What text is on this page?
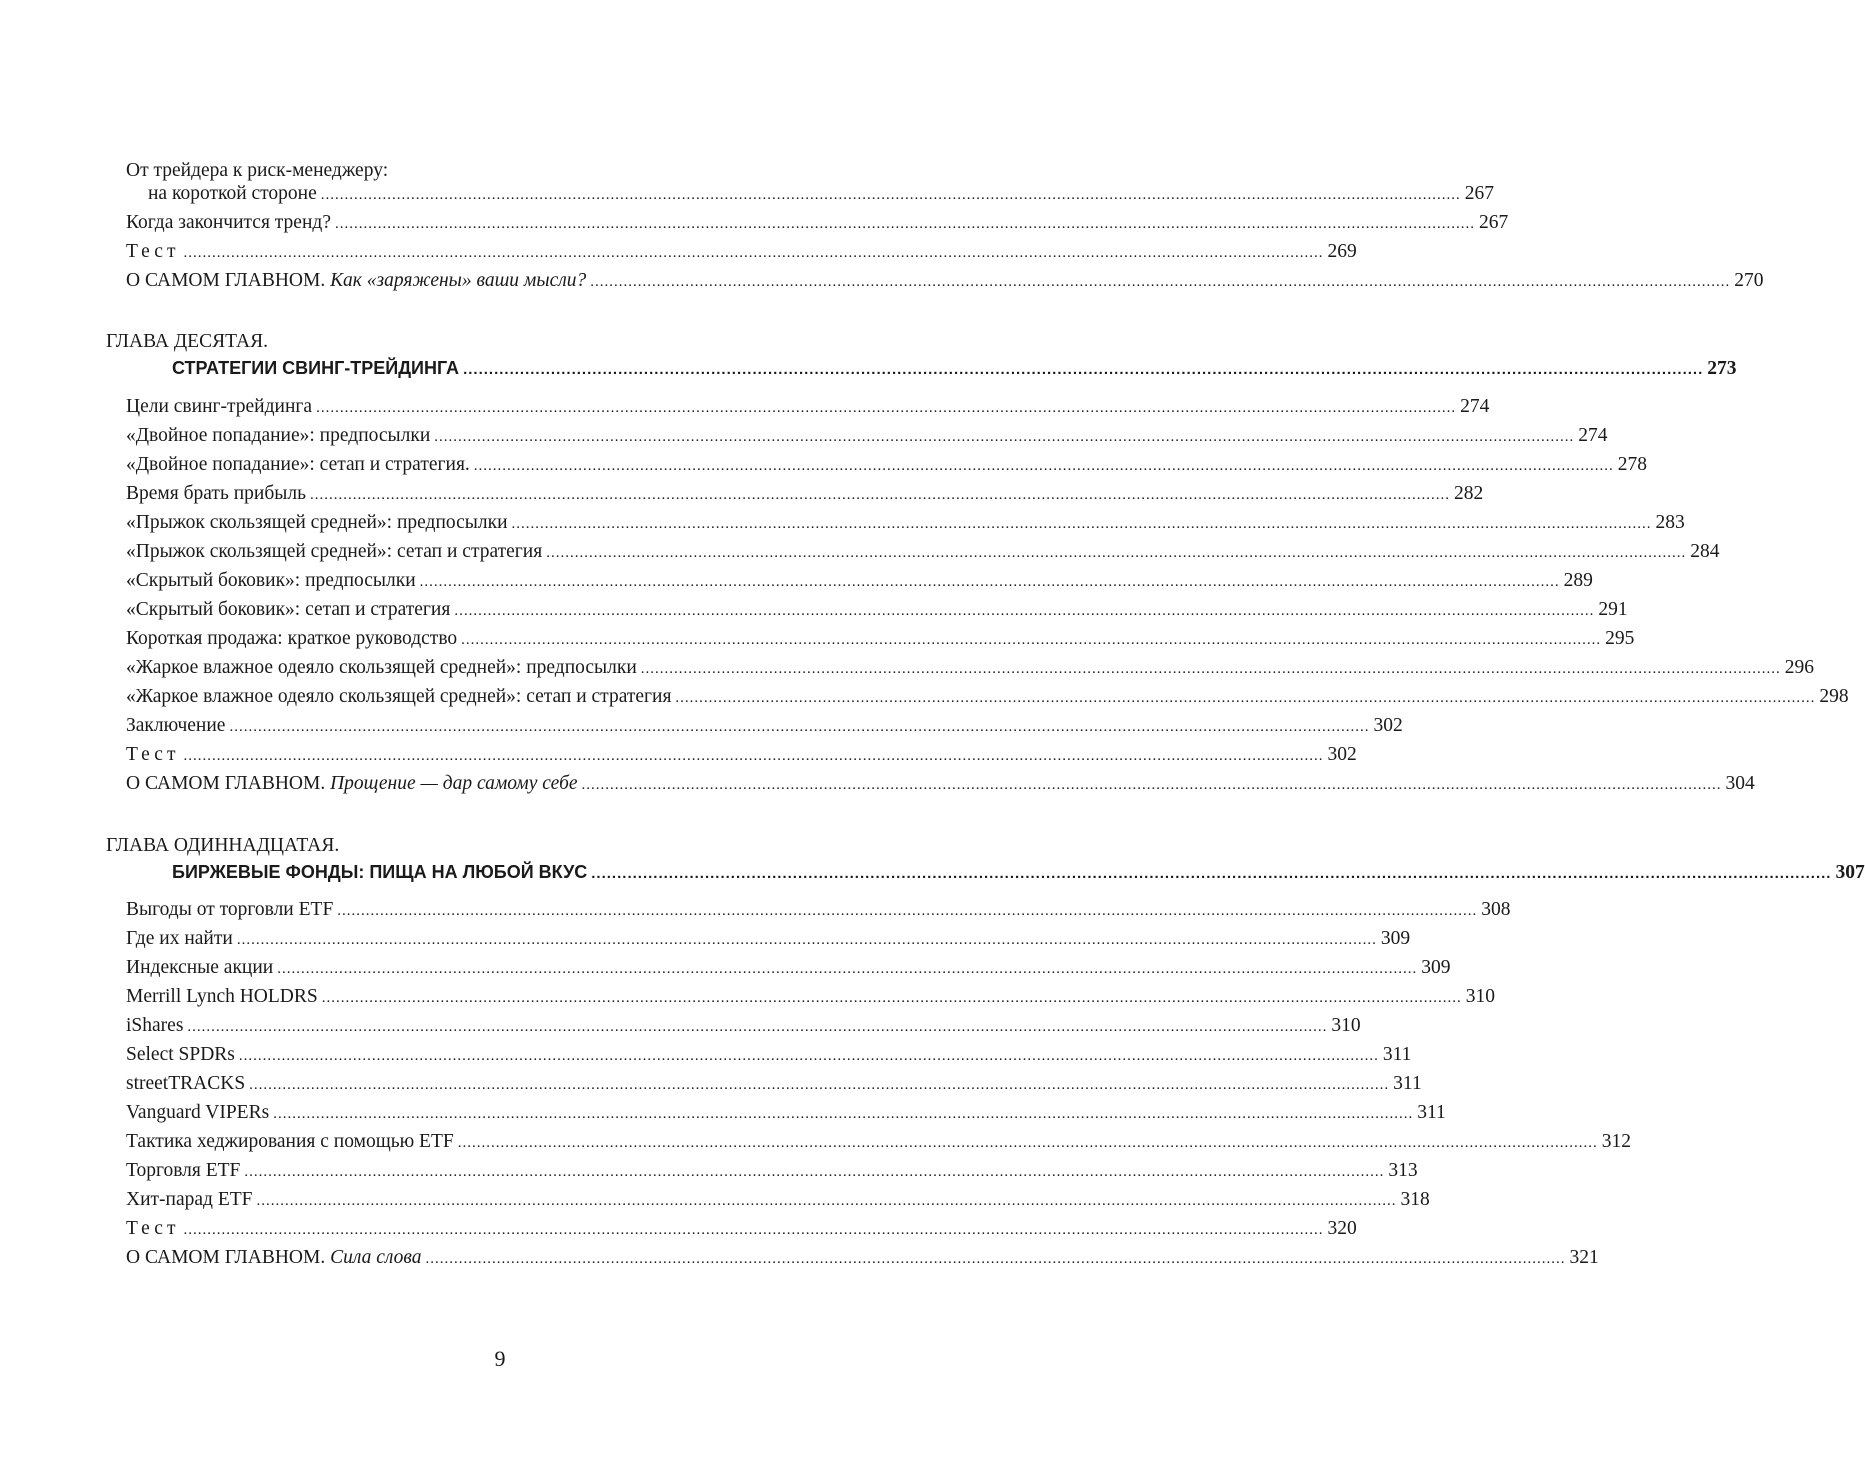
От трейдера к риск-менеджеру:
на короткой стороне .....	267
Когда закончится тренд? .....	267
Тест .....	269
О САМОМ ГЛАВНОМ. Как «заряжены» ваши мысли? .....	270
ГЛАВА ДЕСЯТАЯ.
СТРАТЕГИИ СВИНГ-ТРЕЙДИНГА .....	273
Цели свинг-трейдинга .....	274
«Двойное попадание»: предпосылки .....	274
«Двойное попадание»: сетап и стратегия. .....	278
Время брать прибыль .....	282
«Прыжок скользящей средней»: предпосылки .....	283
«Прыжок скользящей средней»: сетап и стратегия .....	284
«Скрытый боковик»: предпосылки .....	289
«Скрытый боковик»: сетап и стратегия .....	291
Короткая продажа: краткое руководство .....	295
«Жаркое влажное одеяло скользящей средней»: предпосылки .....	296
«Жаркое влажное одеяло скользящей средней»: сетап и стратегия .....	298
Заключение .....	302
Тест .....	302
О САМОМ ГЛАВНОМ. Прощение — дар самому себе .....	304
ГЛАВА ОДИННАДЦАТАЯ.
БИРЖЕВЫЕ ФОНДЫ: ПИЩА НА ЛЮБОЙ ВКУС .....	307
Выгоды от торговли ETF .....	308
Где их найти .....	309
Индексные акции .....	309
Merrill Lynch HOLDRS .....	310
iShares .....	310
Select SPDRs .....	311
streetTRACKS .....	311
Vanguard VIPERs .....	311
Тактика хеджирования с помощью ETF .....	312
Торговля ETF .....	313
Хит-парад ETF .....	318
Тест .....	320
О САМОМ ГЛАВНОМ. Сила слова .....	321
9
